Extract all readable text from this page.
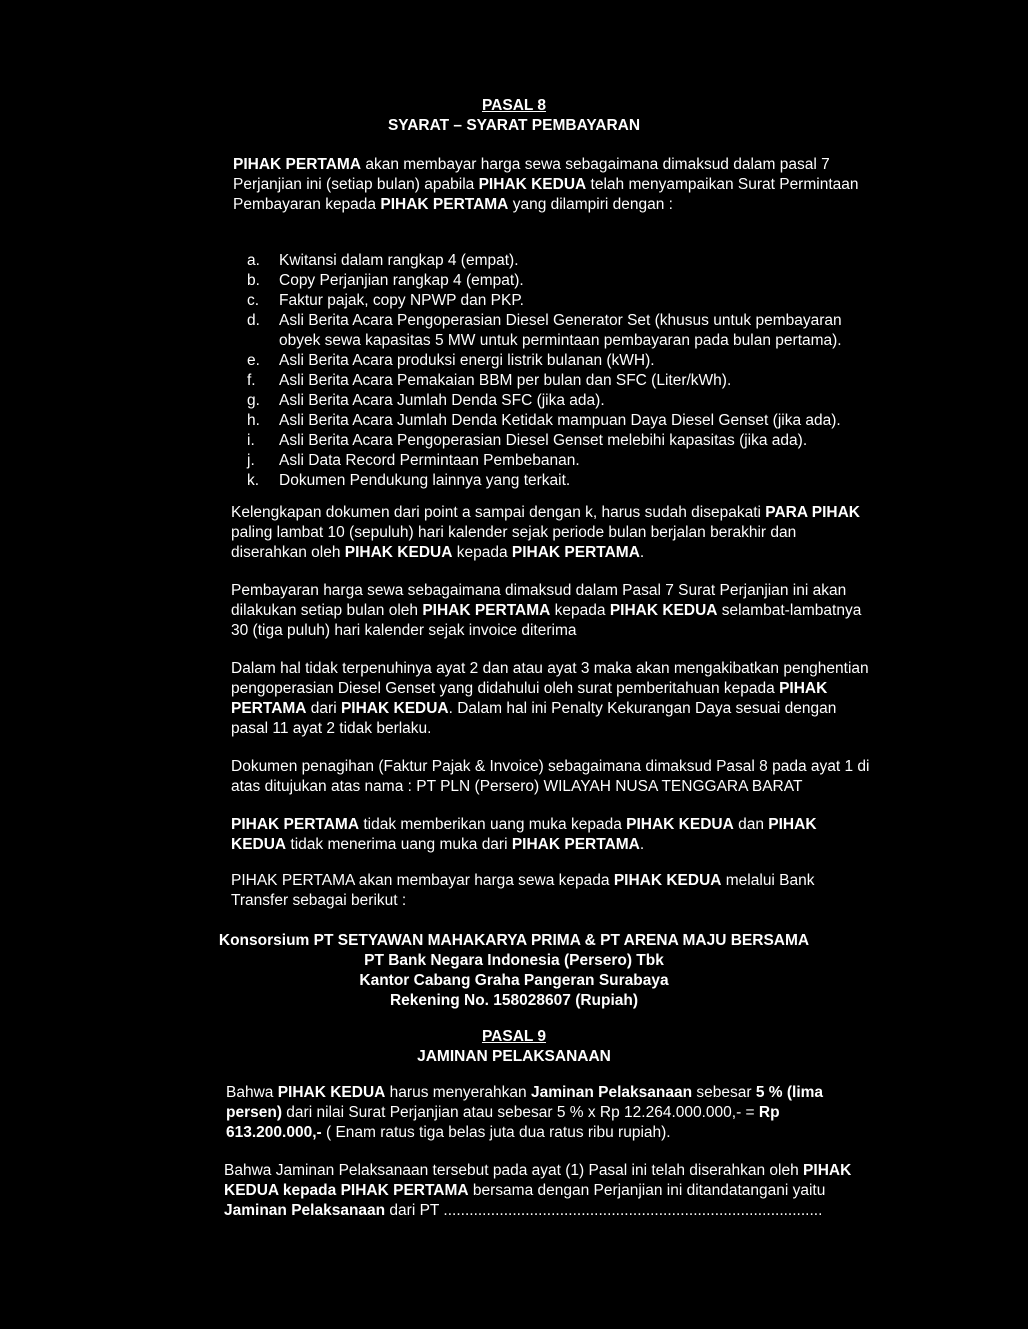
PASAL 8
SYARAT – SYARAT PEMBAYARAN
PIHAK PERTAMA akan membayar harga sewa sebagaimana dimaksud dalam pasal 7
Perjanjian ini (setiap bulan) apabila PIHAK KEDUA telah menyampaikan Surat Permintaan
Pembayaran kepada PIHAK PERTAMA yang dilampiri dengan :
a. Kwitansi dalam rangkap 4 (empat).
b. Copy Perjanjian rangkap 4 (empat).
c. Faktur pajak, copy NPWP dan PKP.
d. Asli Berita Acara Pengoperasian Diesel Generator Set (khusus untuk pembayaran
obyek sewa kapasitas 5 MW untuk permintaan pembayaran pada bulan pertama).
e. Asli Berita Acara produksi energi listrik bulanan (kWH).
f. Asli Berita Acara Pemakaian BBM per bulan dan SFC (Liter/kWh).
g. Asli Berita Acara Jumlah Denda SFC (jika ada).
h. Asli Berita Acara Jumlah Denda Ketidak mampuan Daya Diesel Genset (jika ada).
i. Asli Berita Acara Pengoperasian Diesel Genset melebihi kapasitas (jika ada).
j. Asli Data Record Permintaan Pembebanan.
k. Dokumen Pendukung lainnya yang terkait.
Kelengkapan dokumen dari point a sampai dengan k, harus sudah disepakati PARA PIHAK
paling lambat 10 (sepuluh) hari kalender sejak periode bulan berjalan berakhir dan
diserahkan oleh PIHAK KEDUA kepada PIHAK PERTAMA.
Pembayaran harga sewa sebagaimana dimaksud dalam Pasal 7 Surat Perjanjian ini akan
dilakukan setiap bulan oleh PIHAK PERTAMA kepada PIHAK KEDUA selambat-lambatnya
30 (tiga puluh) hari kalender sejak invoice diterima
Dalam hal tidak terpenuhinya ayat 2 dan atau ayat 3 maka akan mengakibatkan penghentian
pengoperasian Diesel Genset yang didahului oleh surat pemberitahuan kepada PIHAK
PERTAMA dari PIHAK KEDUA. Dalam hal ini Penalty Kekurangan Daya sesuai dengan
pasal 11 ayat 2 tidak berlaku.
Dokumen penagihan (Faktur Pajak & Invoice) sebagaimana dimaksud Pasal 8 pada ayat 1 di
atas ditujukan atas nama : PT PLN (Persero) WILAYAH NUSA TENGGARA BARAT
PIHAK PERTAMA tidak memberikan uang muka kepada PIHAK KEDUA dan PIHAK
KEDUA tidak menerima uang muka dari PIHAK PERTAMA.
PIHAK PERTAMA akan membayar harga sewa kepada PIHAK KEDUA melalui Bank
Transfer sebagai berikut :
Konsorsium PT SETYAWAN MAHAKARYA PRIMA & PT ARENA MAJU BERSAMA
PT Bank Negara Indonesia (Persero) Tbk
Kantor Cabang Graha Pangeran Surabaya
Rekening No. 158028607 (Rupiah)
PASAL 9
JAMINAN PELAKSANAAN
Bahwa PIHAK KEDUA harus menyerahkan Jaminan Pelaksanaan sebesar 5 % (lima
persen) dari nilai Surat Perjanjian atau sebesar 5 % x Rp 12.264.000.000,- = Rp
613.200.000,- ( Enam ratus tiga belas juta dua ratus ribu rupiah).
Bahwa Jaminan Pelaksanaan tersebut pada ayat (1) Pasal ini telah diserahkan oleh PIHAK
KEDUA kepada PIHAK PERTAMA bersama dengan Perjanjian ini ditandatangani yaitu
Jaminan Pelaksanaan dari PT ........................................................................................
